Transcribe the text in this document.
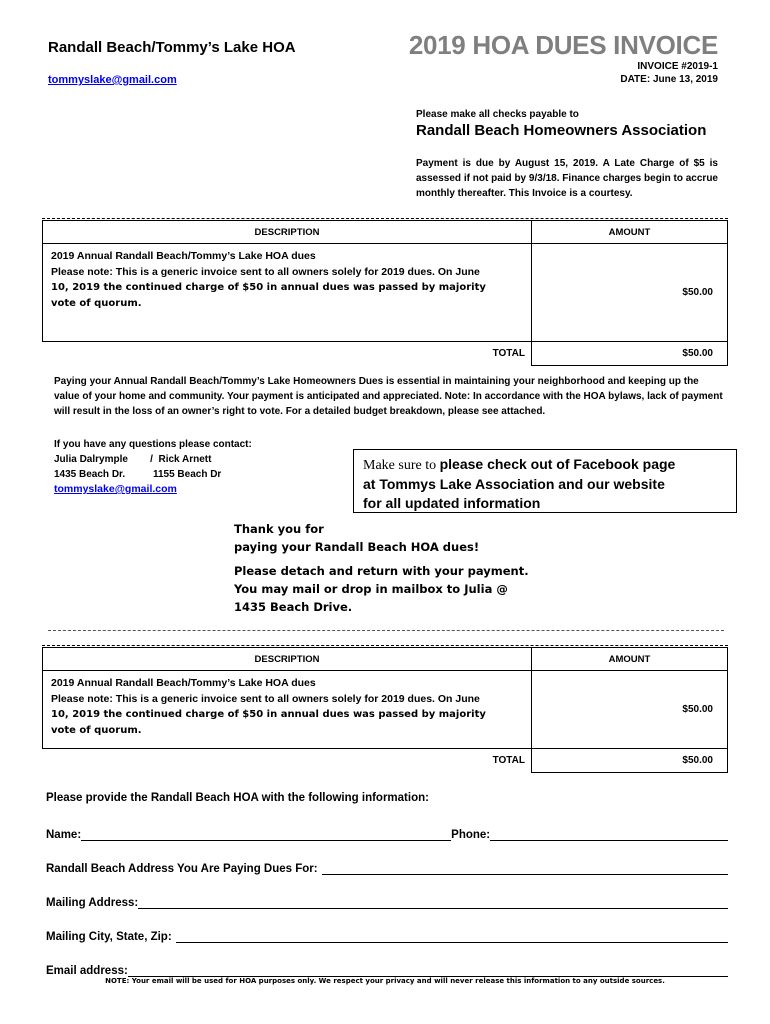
Randall Beach/Tommy’s Lake HOA
tommyslake@gmail.com
2019 HOA DUES INVOICE
INVOICE #2019-1
DATE: June 13, 2019
Please make all checks payable to
Randall Beach Homeowners Association
Payment is due by August 15, 2019. A Late Charge of $5 is assessed if not paid by 9/3/18. Finance charges begin to accrue monthly thereafter. This Invoice is a courtesy.
DESCRIPTION	AMOUNT

2019 Annual Randall Beach/Tommy’s Lake HOA dues
Please note: This is a generic invoice sent to all owners solely for 2019 dues. On June
10, 2019 the continued charge of $50 in annual dues was passed by majority
vote of quorum.	$50.00
TOTAL	$50.00
Paying your Annual Randall Beach/Tommy’s Lake Homeowners Dues is essential in maintaining your neighborhood and keeping up the value of your home and community. Your payment is anticipated and appreciated. Note: In accordance with the HOA bylaws, lack of payment will result in the loss of an owner’s right to vote. For a detailed budget breakdown, please see attached.
If you have any questions please contact:
Julia Dalrymple        /  Rick Arnett
1435 Beach Dr.          1155 Beach Dr
tommyslake@gmail.com
Make sure to please check out of Facebook page
at Tommys Lake Association and our website
for all updated information
Thank you for
paying your Randall Beach HOA dues!
Please detach and return with your payment.
You may mail or drop in mailbox to Julia @
1435 Beach Drive.
DESCRIPTION	AMOUNT

2019 Annual Randall Beach/Tommy’s Lake HOA dues
Please note: This is a generic invoice sent to all owners solely for 2019 dues. On June
10, 2019 the continued charge of $50 in annual dues was passed by majority
vote of quorum.	$50.00
TOTAL	$50.00
Please provide the Randall Beach HOA with the following information:
Name:	Phone:
Randall Beach Address You Are Paying Dues For:
Mailing Address:
Mailing City, State, Zip:
Email address:
NOTE: Your email will be used for HOA purposes only. We respect your privacy and will never release this information to any outside sources.
